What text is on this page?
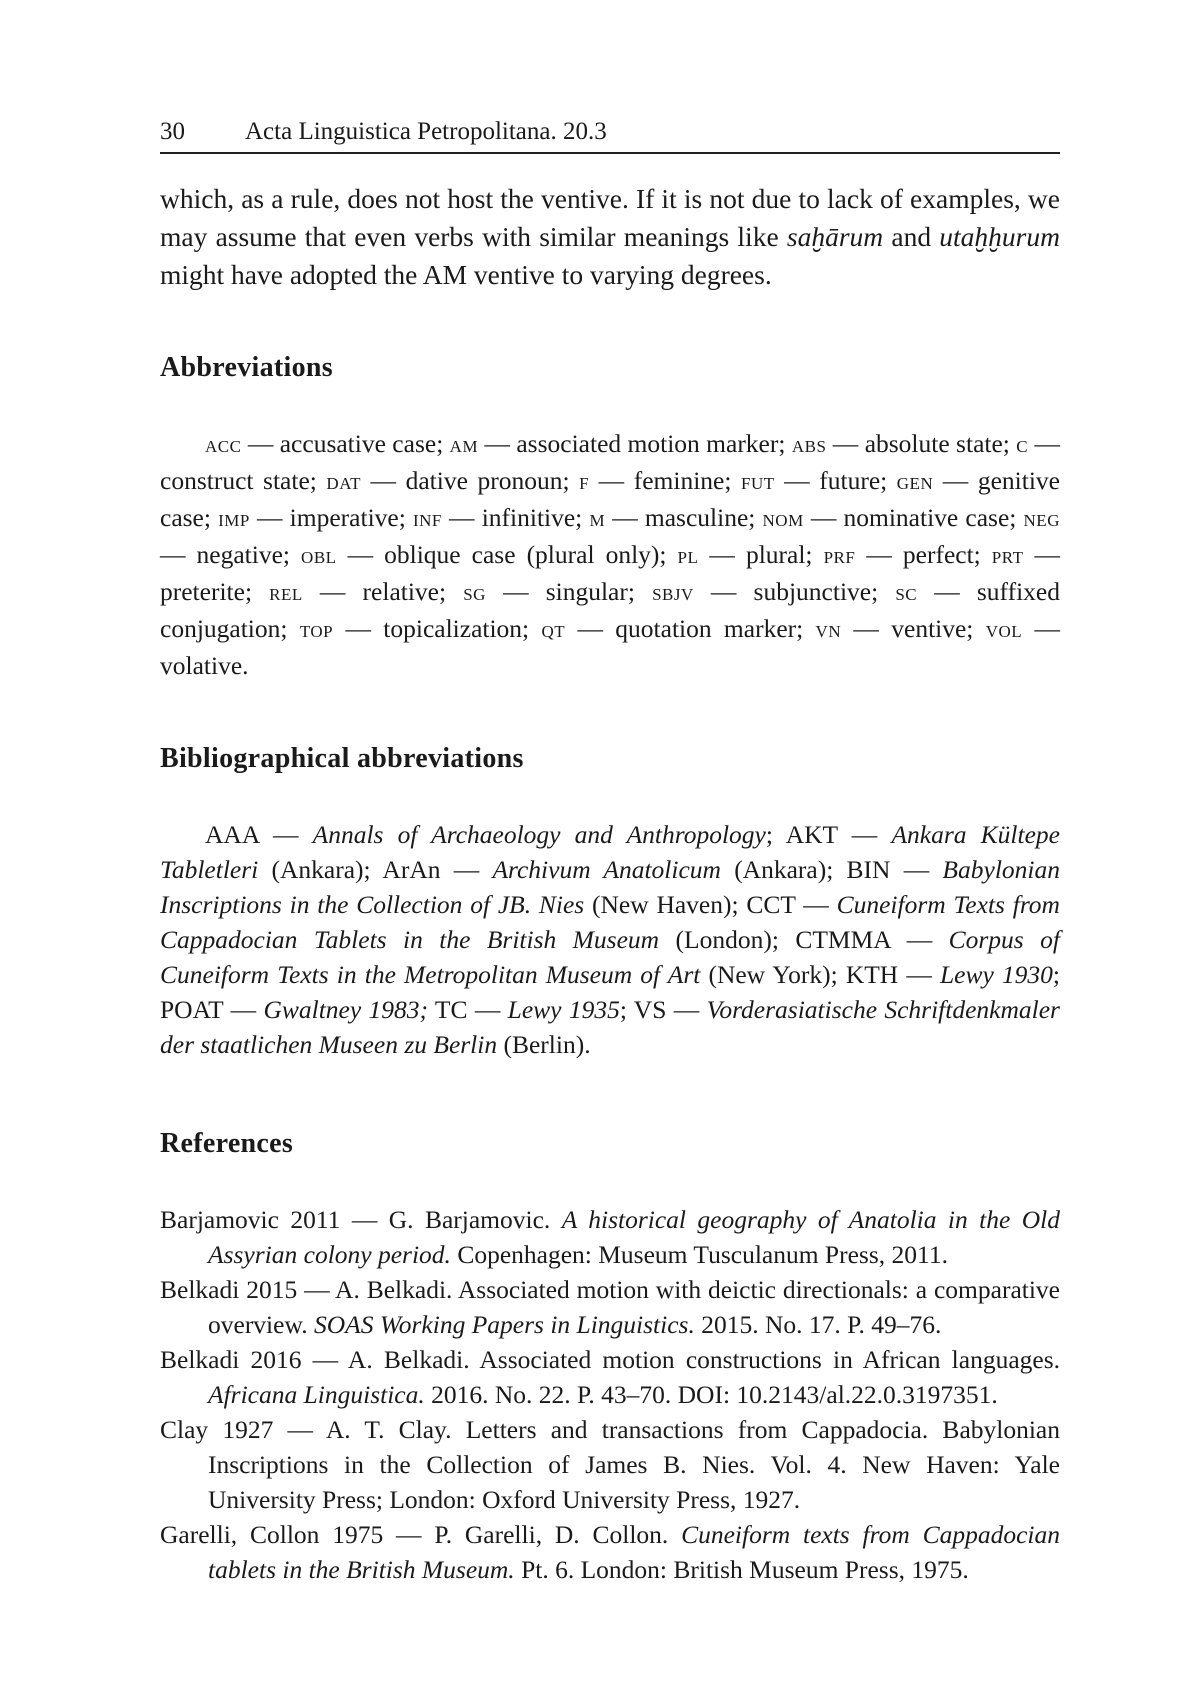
30	Acta Linguistica Petropolitana. 20.3

which, as a rule, does not host the ventive. If it is not due to lack of examples, we may assume that even verbs with similar meanings like saḫārum and utaḫḫurum might have adopted the AM ventive to varying degrees.

Abbreviations

acc — accusative case; am — associated motion marker; abs — absolute state; c — construct state; dat — dative pronoun; f — feminine; fut — future; gen — genitive case; imp — imperative; inf — infinitive; m — masculine; nom — nominative case; neg — negative; obl — oblique case (plural only); pl — plural; prf — perfect; prt — preterite; rel — relative; sg — singular; sbjv — subjunctive; sc — suffixed conjugation; top — topicalization; qt — quotation marker; vn — ventive; vol — volative.

Bibliographical abbreviations

AAA — Annals of Archaeology and Anthropology; AKT — Ankara Kültepe Tabletleri (Ankara); ArAn — Archivum Anatolicum (Ankara); BIN — Babylonian Inscriptions in the Collection of JB. Nies (New Haven); CCT — Cuneiform Texts from Cappadocian Tablets in the British Museum (London); CTMMA — Corpus of Cuneiform Texts in the Metropolitan Museum of Art (New York); KTH — Lewy 1930; POAT — Gwaltney 1983; TC — Lewy 1935; VS — Vorderasiatische Schriftdenkmaler der staatlichen Museen zu Berlin (Berlin).

References
Barjamovic 2011 — G. Barjamovic. A historical geography of Anatolia in the Old Assyrian colony period. Copenhagen: Museum Tusculanum Press, 2011.
Belkadi 2015 — A. Belkadi. Associated motion with deictic directionals: a comparative overview. SOAS Working Papers in Linguistics. 2015. No. 17. P. 49–76.
Belkadi 2016 — A. Belkadi. Associated motion constructions in African languages. Africana Linguistica. 2016. No. 22. P. 43–70. DOI: 10.2143/al.22.0.3197351.
Clay 1927 — A. T. Clay. Letters and transactions from Cappadocia. Babylonian Inscriptions in the Collection of James B. Nies. Vol. 4. New Haven: Yale University Press; London: Oxford University Press, 1927.
Garelli, Collon 1975 — P. Garelli, D. Collon. Cuneiform texts from Cappadocian tablets in the British Museum. Pt. 6. London: British Museum Press, 1975.
